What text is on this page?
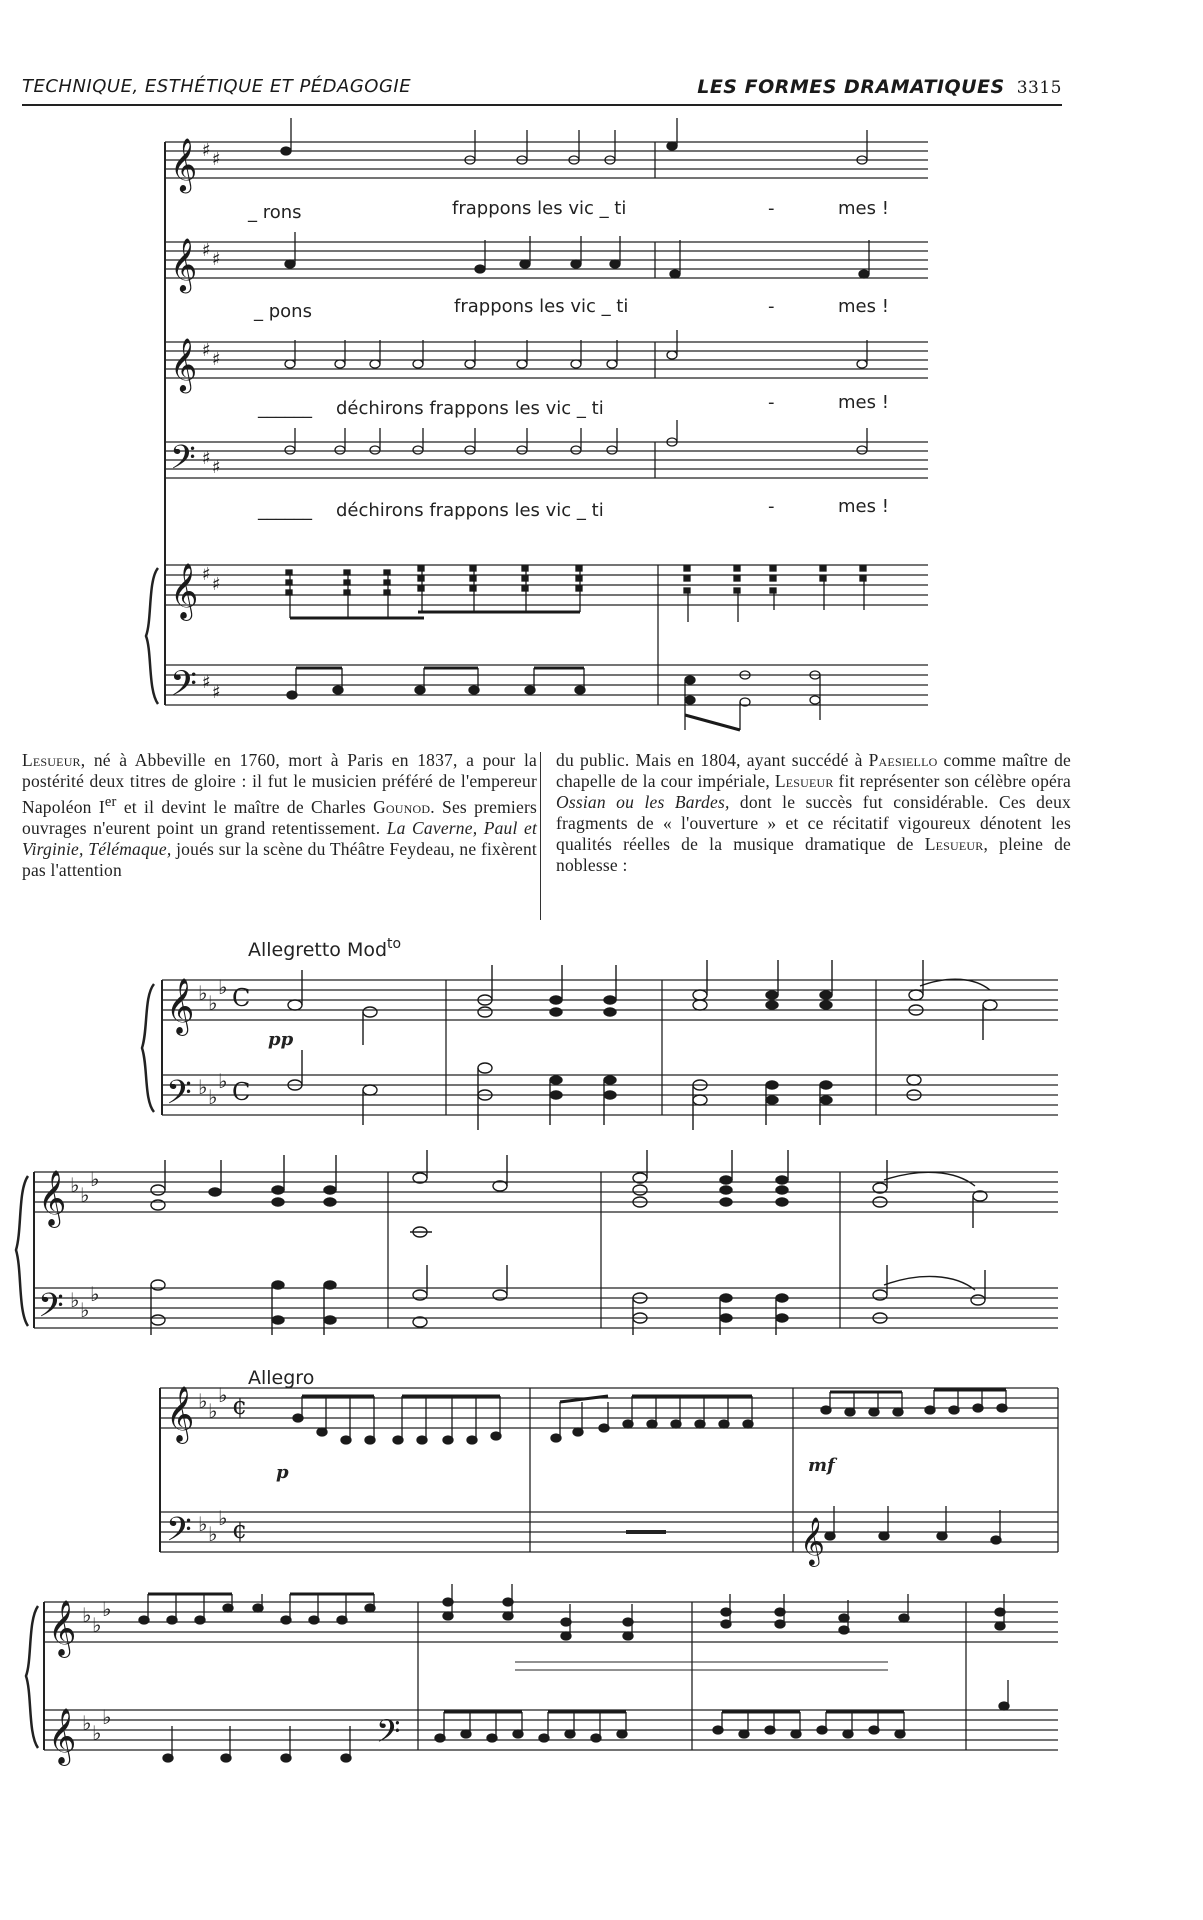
TECHNIQUE, ESTHÉTIQUE ET PÉDAGOGIE	LES FORMES DRAMATIQUES 3315
𝄞
𝄞
𝄞
𝄢
𝄞
𝄢
♯ ♯
♯ ♯
♯ ♯
♯ ♯
♯ ♯
♯ ♯
_ rons	frappons les vic _ ti	-	mes !
_ pons	frappons les vic _ ti	-	mes !
______ déchirons frappons les vic _ ti	-	mes !
______ déchirons frappons les vic _ ti	-	mes !
Allegretto Mod$^{to}$
𝄞
𝄢
♭ ♭
♭
♭ ♭
♭
C
C
pp
𝄞
𝄢
♭ ♭
♭
♭ ♭
♭
Allegro
𝄞
𝄢
♭ ♭
♭
♭ ♭
♭
¢
¢	𝄞
p	mf
𝄞
𝄞
♭ ♭
♭
♭ ♭
♭	𝄢
Lesueur, né à Abbeville en 1760, mort à Paris en 1837, a pour la postérité deux titres de gloire : il fut le musicien préféré de l'empereur Napoléon Ier et il devint le maître de Charles Gounod. Ses premiers ouvrages n'eurent point un grand retentissement. La Caverne, Paul et Virginie, Télémaque, joués sur la scène du Théâtre Feydeau, ne fixèrent pas l'attention
du public. Mais en 1804, ayant succédé à Paesiello comme maître de chapelle de la cour impériale, Lesueur fit représenter son célèbre opéra Ossian ou les Bardes, dont le succès fut considérable. Ces deux fragments de « l'ouverture » et ce récitatif vigoureux dénotent les qualités réelles de la musique dramatique de Lesueur, pleine de noblesse :
